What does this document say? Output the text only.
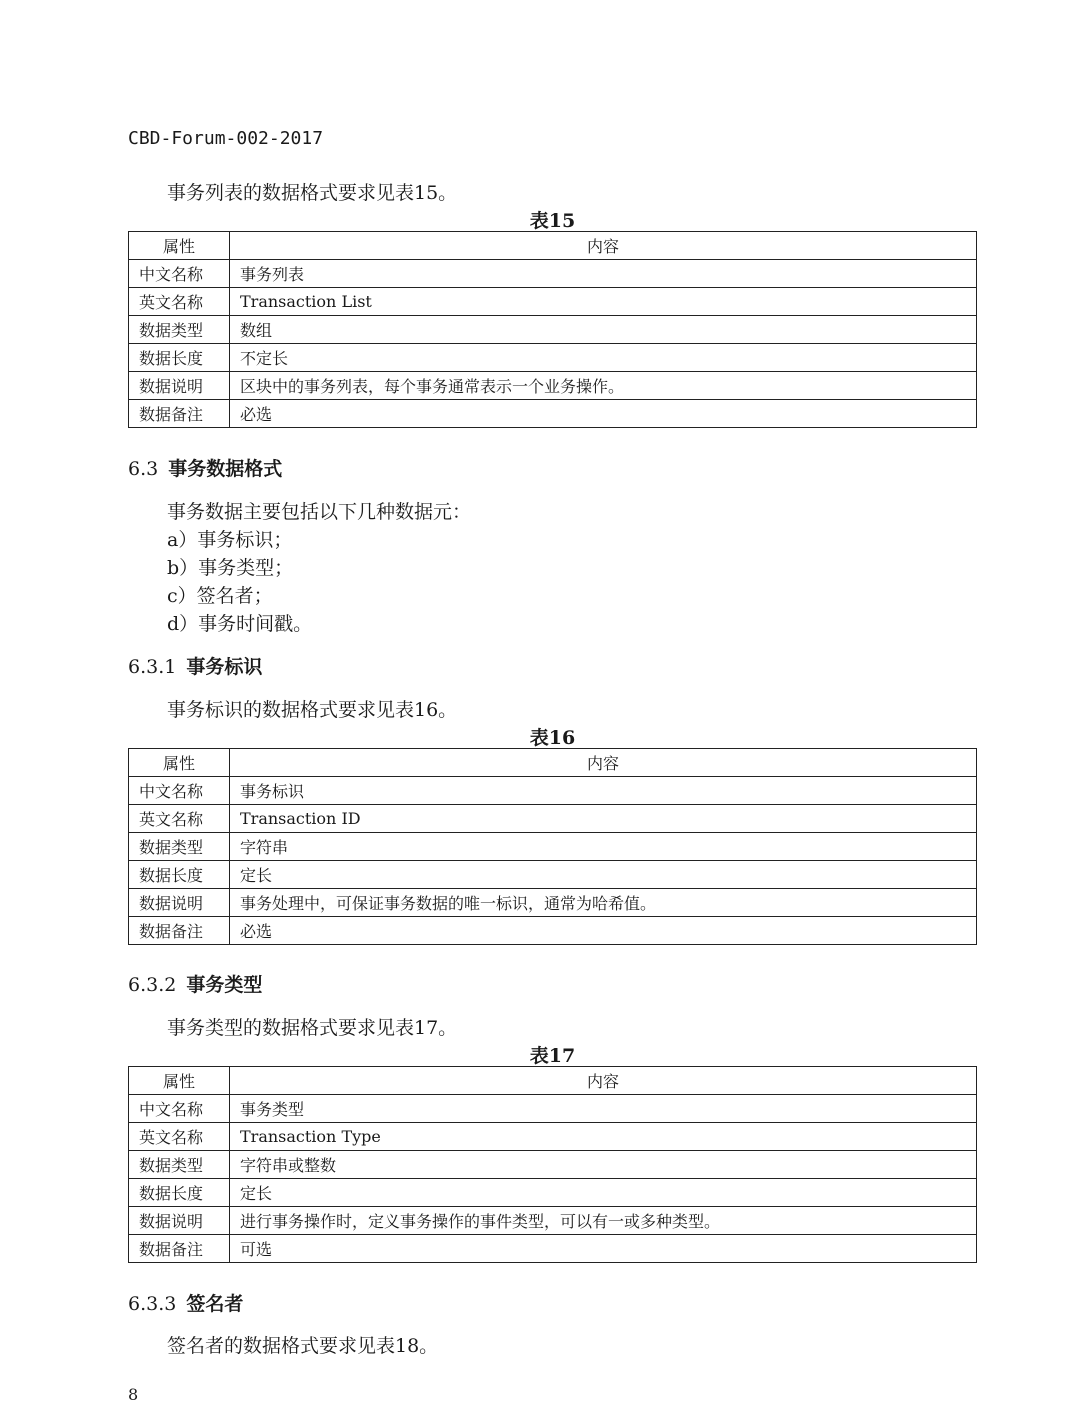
CBD-Forum-002-2017
事务列表的数据格式要求见表15。
表15
属性	内容
中文名称	事务列表
英文名称	Transaction List
数据类型	数组
数据长度	不定长
数据说明	区块中的事务列表，每个事务通常表示一个业务操作。
数据备注	必选
6.3 事务数据格式
事务数据主要包括以下几种数据元：
a）事务标识；
b）事务类型；
c）签名者；
d）事务时间戳。
6.3.1 事务标识
事务标识的数据格式要求见表16。
表16
属性	内容
中文名称	事务标识
英文名称	Transaction ID
数据类型	字符串
数据长度	定长
数据说明	事务处理中，可保证事务数据的唯一标识，通常为哈希值。
数据备注	必选
6.3.2 事务类型
事务类型的数据格式要求见表17。
表17
属性	内容
中文名称	事务类型
英文名称	Transaction Type
数据类型	字符串或整数
数据长度	定长
数据说明	进行事务操作时，定义事务操作的事件类型，可以有一或多种类型。
数据备注	可选
6.3.3 签名者
签名者的数据格式要求见表18。
8
